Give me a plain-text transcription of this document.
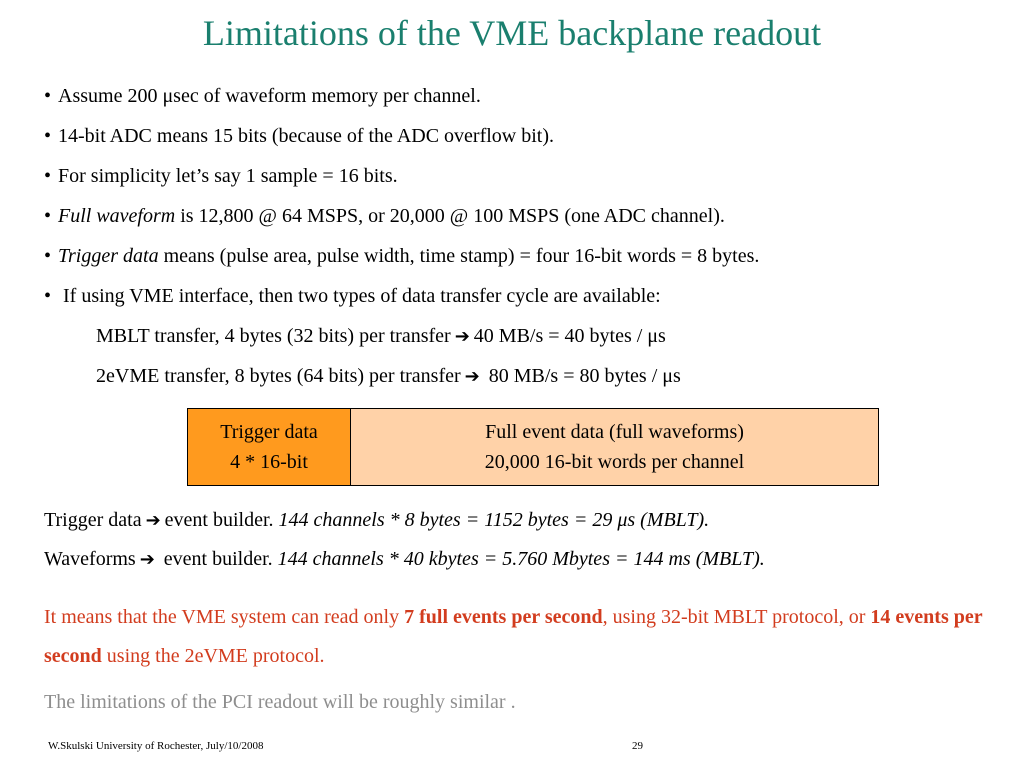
Limitations of the VME backplane readout
• Assume 200 μsec of waveform memory per channel.
• 14-bit ADC means 15 bits (because of the ADC overflow bit).
• For simplicity let’s say 1 sample = 16 bits.
• Full waveform is 12,800 @ 64 MSPS, or 20,000 @ 100 MSPS (one ADC channel).
• Trigger data means (pulse area, pulse width, time stamp) = four 16-bit words = 8 bytes.
• If using VME interface, then two types of data transfer cycle are available:
MBLT transfer, 4 bytes (32 bits) per transfer ➔ 40 MB/s = 40 bytes / μs
2eVME transfer, 8 bytes (64 bits) per transfer ➔ 80 MB/s = 80 bytes / μs
Trigger data
4 * 16-bit
Full event data (full waveforms)
20,000 16-bit words per channel
Trigger data ➔ event builder. 144 channels * 8 bytes = 1152 bytes = 29 μs (MBLT).
Waveforms ➔ event builder. 144 channels * 40 kbytes = 5.760 Mbytes = 144 ms (MBLT).
It means that the VME system can read only 7 full events per second, using 32-bit MBLT protocol, or 14 events per second using the 2eVME protocol.
The limitations of the PCI readout will be roughly similar .
W.Skulski University of Rochester, July/10/2008	29
